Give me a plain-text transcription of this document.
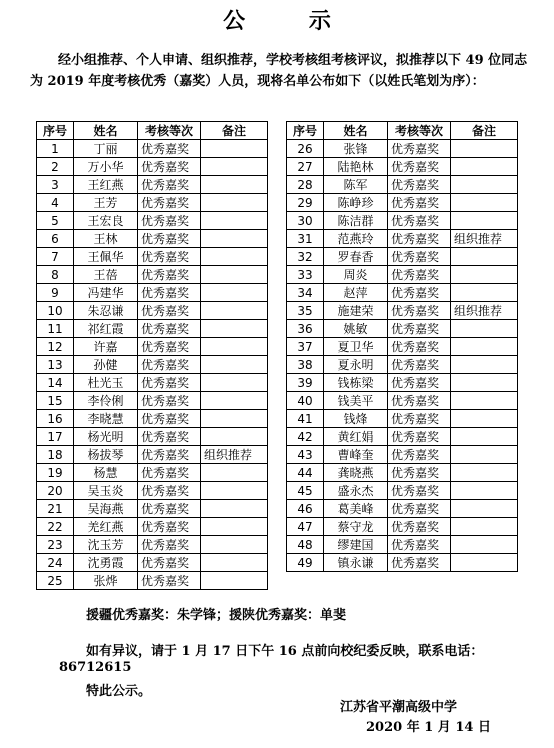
公 示

经小组推荐、个人申请、组织推荐，学校考核组考核评议，拟推荐以下 49 位同志为 2019 年度考核优秀（嘉奖）人员，现将名单公布如下（以姓氏笔划为序）：

序号	姓名	考核等次	备注
1	丁丽	优秀嘉奖	
2	万小华	优秀嘉奖	
3	王红燕	优秀嘉奖	
4	王芳	优秀嘉奖	
5	王宏良	优秀嘉奖	
6	王林	优秀嘉奖	
7	王佩华	优秀嘉奖	
8	王蓓	优秀嘉奖	
9	冯建华	优秀嘉奖	
10	朱忍谦	优秀嘉奖	
11	祁红霞	优秀嘉奖	
12	许嘉	优秀嘉奖	
13	孙健	优秀嘉奖	
14	杜光玉	优秀嘉奖	
15	李伶俐	优秀嘉奖	
16	李晓慧	优秀嘉奖	
17	杨光明	优秀嘉奖	
18	杨拔琴	优秀嘉奖	组织推荐
19	杨慧	优秀嘉奖	
20	吴玉炎	优秀嘉奖	
21	吴海燕	优秀嘉奖	
22	羌红燕	优秀嘉奖	
23	沈玉芳	优秀嘉奖	
24	沈勇霞	优秀嘉奖	
25	张烨	优秀嘉奖	
序号	姓名	考核等次	备注
26	张锋	优秀嘉奖	
27	陆艳林	优秀嘉奖	
28	陈军	优秀嘉奖	
29	陈峥珍	优秀嘉奖	
30	陈洁群	优秀嘉奖	
31	范燕玲	优秀嘉奖	组织推荐
32	罗春香	优秀嘉奖	
33	周炎	优秀嘉奖	
34	赵萍	优秀嘉奖	
35	施建荣	优秀嘉奖	组织推荐
36	姚敏	优秀嘉奖	
37	夏卫华	优秀嘉奖	
38	夏永明	优秀嘉奖	
39	钱栋梁	优秀嘉奖	
40	钱美平	优秀嘉奖	
41	钱烽	优秀嘉奖	
42	黄红娟	优秀嘉奖	
43	曹峰奎	优秀嘉奖	
44	龚晓燕	优秀嘉奖	
45	盛永杰	优秀嘉奖	
46	葛美峰	优秀嘉奖	
47	蔡守龙	优秀嘉奖	
48	缪建国	优秀嘉奖	
49	镇永谦	优秀嘉奖	
援疆优秀嘉奖：朱学锋；援陕优秀嘉奖：单斐
如有异议，请于 1 月 17 日下午 16 点前向校纪委反映，联系电话：
86712615
特此公示。
江苏省平潮高级中学
2020 年 1 月 14 日
